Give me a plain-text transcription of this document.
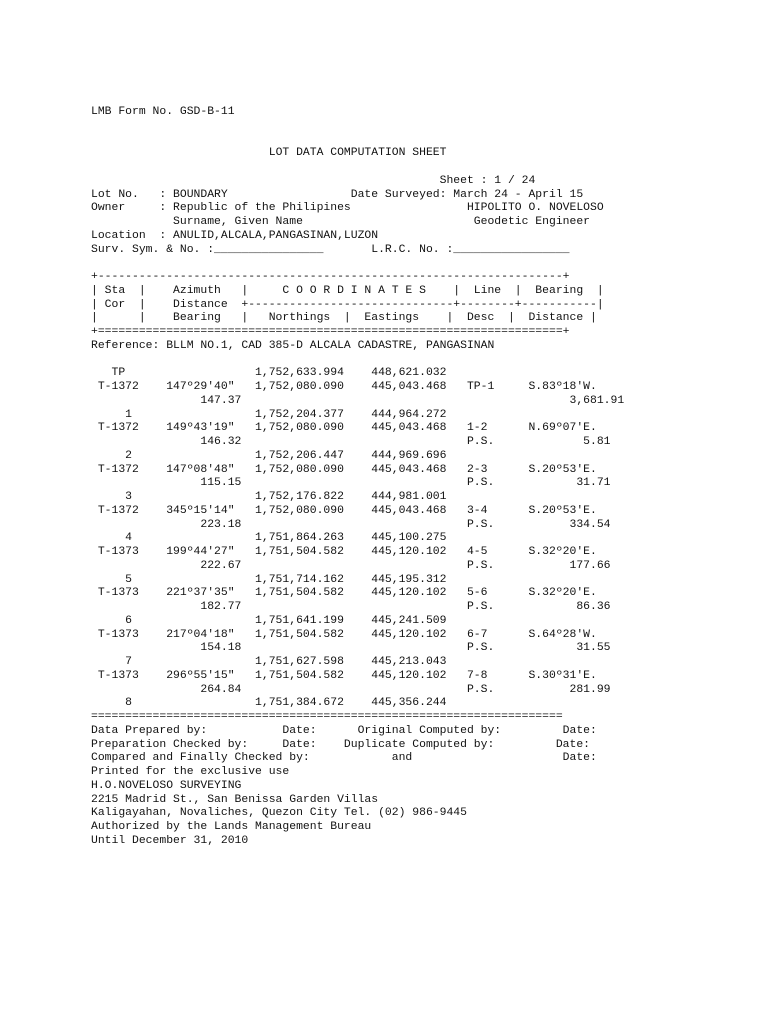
LMB Form No. GSD-B-11
LOT DATA COMPUTATION SHEET
Sheet : 1 / 24
Lot No.   : BOUNDARY                  Date Surveyed: March 24 - April 15
Owner     : Republic of the Philipines                 HIPOLITO O. NOVELOSO
Surname, Given Name                         Geodetic Engineer
Location  : ANULID,ALCALA,PANGASINAN,LUZON
Surv. Sym. & No. :________________       L.R.C. No. :_________________
+--------------------------------------------------------------------+
| Sta  |    Azimuth   |     C O O R D I N A T E S    |  Line  |  Bearing  |
| Cor  |    Distance  +------------------------------+--------+-----------|
|      |    Bearing   |   Northings  |  Eastings    |  Desc  |  Distance |
+====================================================================+
Reference: BLLM NO.1, CAD 385-D ALCALA CADASTRE, PANGASINAN
TP                   1,752,633.994    448,621.032
T-1372    147º29'40"   1,752,080.090    445,043.468   TP-1     S.83º18'W.
147.37                                                3,681.91
1                  1,752,204.377    444,964.272
T-1372    149º43'19"   1,752,080.090    445,043.468   1-2      N.69º07'E.
146.32                                 P.S.             5.81
2                  1,752,206.447    444,969.696
T-1372    147º08'48"   1,752,080.090    445,043.468   2-3      S.20º53'E.
115.15                                 P.S.            31.71
3                  1,752,176.822    444,981.001
T-1372    345º15'14"   1,752,080.090    445,043.468   3-4      S.20º53'E.
223.18                                 P.S.           334.54
4                  1,751,864.263    445,100.275
T-1373    199º44'27"   1,751,504.582    445,120.102   4-5      S.32º20'E.
222.67                                 P.S.           177.66
5                  1,751,714.162    445,195.312
T-1373    221º37'35"   1,751,504.582    445,120.102   5-6      S.32º20'E.
182.77                                 P.S.            86.36
6                  1,751,641.199    445,241.509
T-1373    217º04'18"   1,751,504.582    445,120.102   6-7      S.64º28'W.
154.18                                 P.S.            31.55
7                  1,751,627.598    445,213.043
T-1373    296º55'15"   1,751,504.582    445,120.102   7-8      S.30º31'E.
264.84                                 P.S.           281.99
8                  1,751,384.672    445,356.244
=====================================================================
Data Prepared by:           Date:      Original Computed by:         Date:
Preparation Checked by:     Date:    Duplicate Computed by:         Date:
Compared and Finally Checked by:            and                      Date:
Printed for the exclusive use
H.O.NOVELOSO SURVEYING
2215 Madrid St., San Benissa Garden Villas
Kaligayahan, Novaliches, Quezon City Tel. (02) 986-9445
Authorized by the Lands Management Bureau
Until December 31, 2010
